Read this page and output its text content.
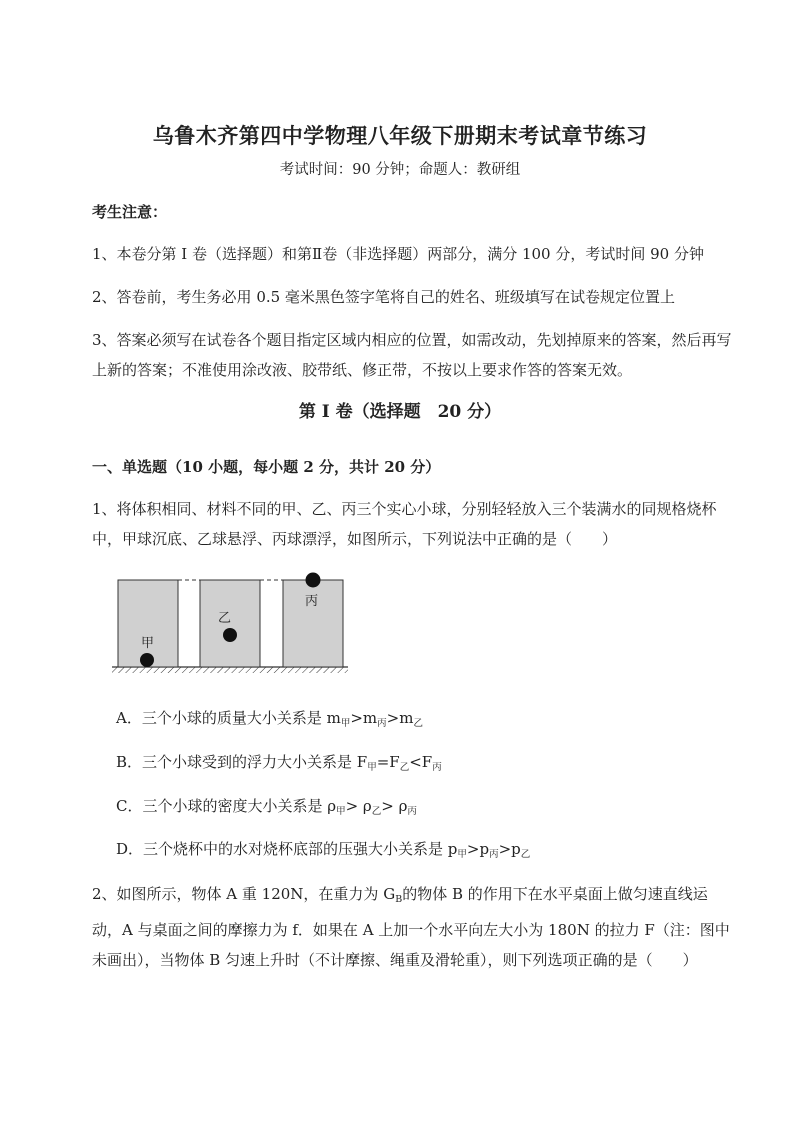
乌鲁木齐第四中学物理八年级下册期末考试章节练习
考试时间：90 分钟；命题人：教研组
考生注意：
1、本卷分第 I 卷（选择题）和第Ⅱ卷（非选择题）两部分，满分 100 分，考试时间 90 分钟
2、答卷前，考生务必用 0.5 毫米黑色签字笔将自己的姓名、班级填写在试卷规定位置上
3、答案必须写在试卷各个题目指定区域内相应的位置，如需改动，先划掉原来的答案，然后再写上新的答案；不准使用涂改液、胶带纸、修正带，不按以上要求作答的答案无效。
第 I 卷（选择题　20 分）
一、单选题（10 小题，每小题 2 分，共计 20 分）
1、将体积相同、材料不同的甲、乙、丙三个实心小球，分别轻轻放入三个装满水的同规格烧杯中，甲球沉底、乙球悬浮、丙球漂浮，如图所示，下列说法中正确的是（　　）
甲
乙
丙
A．三个小球的质量大小关系是 $m_甲>m_丙>m_乙$
B．三个小球受到的浮力大小关系是 $F_甲=F_乙<F_丙$
C．三个小球的密度大小关系是 $\rho_甲> \rho_乙> \rho_丙$
D．三个烧杯中的水对烧杯底部的压强大小关系是 $p_甲>p_丙>p_乙$
2、如图所示，物体 A 重 120N，在重力为 $G_B$的物体 B 的作用下在水平桌面上做匀速直线运动，A 与桌面之间的摩擦力为 f．如果在 A 上加一个水平向左大小为 180N 的拉力 F（注：图中未画出），当物体 B 匀速上升时（不计摩擦、绳重及滑轮重），则下列选项正确的是（　　）
